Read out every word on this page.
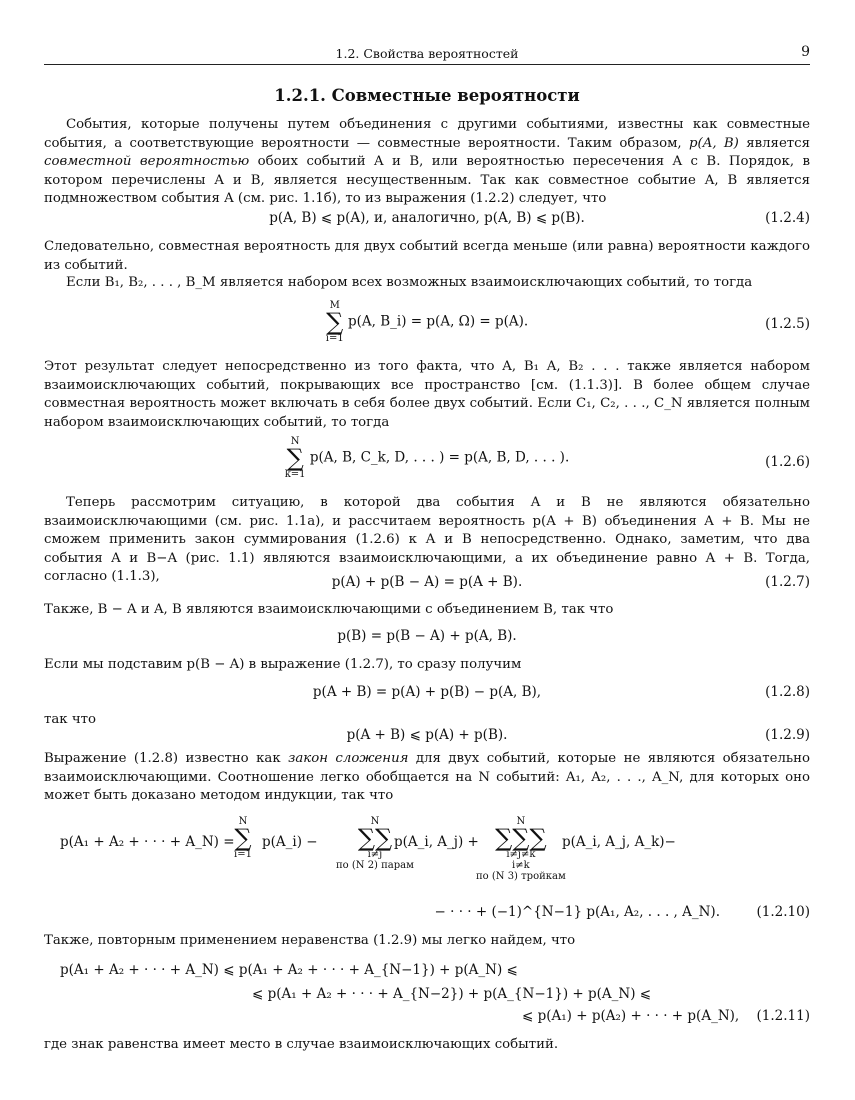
1.2. Свойства вероятностей	9
1.2.1. Совместные вероятности

События, которые получены путем объединения с другими событиями, известны как совместные события, а соответствующие вероятности — совместные вероятности. Таким образом, p(A, B) является совместной вероятностью обоих событий A и B, или вероятностью пересечения A с B. Порядок, в котором перечислены A и B, является несущественным. Так как совместное событие A, B является подмножеством события A (см. рис. 1.1б), то из выражения (1.2.2) следует, что

p(A, B) ⩽ p(A), и, аналогично, p(A, B) ⩽ p(B).	(1.2.4)

Следовательно, совместная вероятность для двух событий всегда меньше (или равна) вероятности каждого из событий.

Если B₁, B₂, . . . , B_M является набором всех возможных взаимоисключающих событий, то тогда

M
∑
i=1
p(A, B_i) = p(A, Ω) = p(A).	(1.2.5)

Этот результат следует непосредственно из того факта, что A, B₁ A, B₂ . . . также является набором взаимоисключающих событий, покрывающих все пространство [см. (1.1.3)]. В более общем случае совместная вероятность может включать в себя более двух событий. Если C₁, C₂, . . ., C_N является полным набором взаимоисключающих событий, то тогда

N
∑
k=1
p(A, B, C_k, D, . . . ) = p(A, B, D, . . . ).	(1.2.6)

Теперь рассмотрим ситуацию, в которой два события A и B не являются обязательно взаимоисключающими (см. рис. 1.1a), и рассчитаем вероятность p(A + B) объединения A + B. Мы не сможем применить закон суммирования (1.2.6) к A и B непосредственно. Однако, заметим, что два события A и B−A (рис. 1.1) являются взаимоисключающими, а их объединение равно A + B. Тогда, согласно (1.1.3),	p(A) + p(B − A) = p(A + B).	(1.2.7)

Также, B − A и A, B являются взаимоисключающими с объединением B, так что

p(B) = p(B − A) + p(A, B).

Если мы подставим p(B − A) в выражение (1.2.7), то сразу получим

p(A + B) = p(A) + p(B) − p(A, B),	(1.2.8)

так что

p(A + B) ⩽ p(A) + p(B).	(1.2.9)

Выражение (1.2.8) известно как закон сложения для двух событий, которые не являются обязательно взаимоисключающими. Соотношение легко обобщается на N событий: A₁, A₂, . . ., A_N, для которых оно может быть доказано методом индукции, так что

p(A₁ + A₂ + · · · + A_N) =
N
∑
i=1
p(A_i) −
N
∑∑
i≠j
по (N 2) парам
p(A_i, A_j) +
N
∑∑∑
i≠j≠k
i≠k
по (N 3) тройкам
p(A_i, A_j, A_k)−
− · · · + (−1)^{N−1} p(A₁, A₂, . . . , A_N).	(1.2.10)

Также, повторным применением неравенства (1.2.9) мы легко найдем, что

p(A₁ + A₂ + · · · + A_N) ⩽ p(A₁ + A₂ + · · · + A_{N−1}) + p(A_N) ⩽
⩽ p(A₁ + A₂ + · · · + A_{N−2}) + p(A_{N−1}) + p(A_N) ⩽
⩽ p(A₁) + p(A₂) + · · · + p(A_N), (1.2.11)

где знак равенства имеет место в случае взаимоисключающих событий.
